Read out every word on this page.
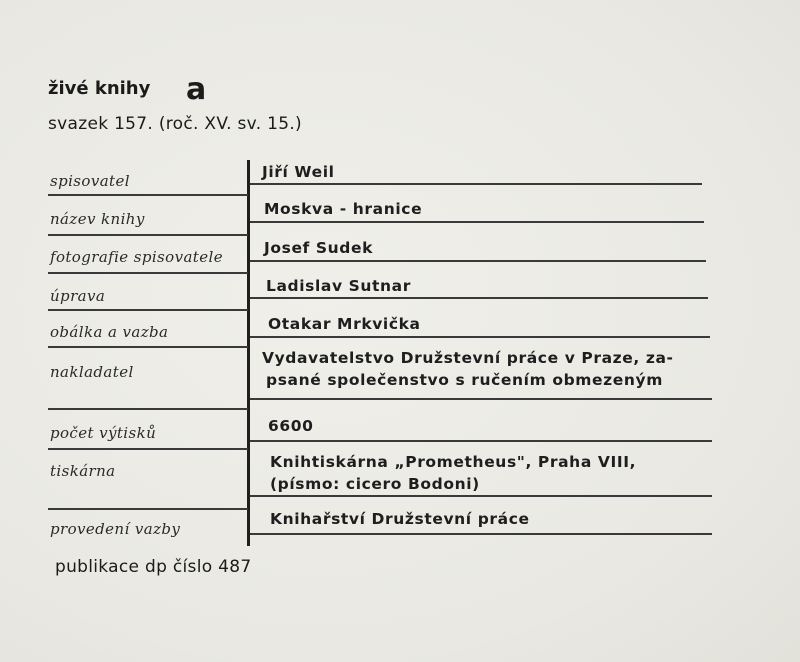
živé knihy a
svazek 157. (roč. XV. sv. 15.)
spisovatel
název knihy
fotografie spisovatele
úprava
obálka a vazba
nakladatel
počet výtisků
tiskárna
provedení vazby
Jiří Weil
Moskva - hranice
Josef Sudek
Ladislav Sutnar
Otakar Mrkvička
Vydavatelstvo Družstevní práce v Praze, za-
psané společenstvo s ručením obmezeným
6600
Knihtiskárna „Prometheus", Praha VIII,
(písmo: cicero Bodoni)
Knihařství Družstevní práce
publikace dp číslo 487
